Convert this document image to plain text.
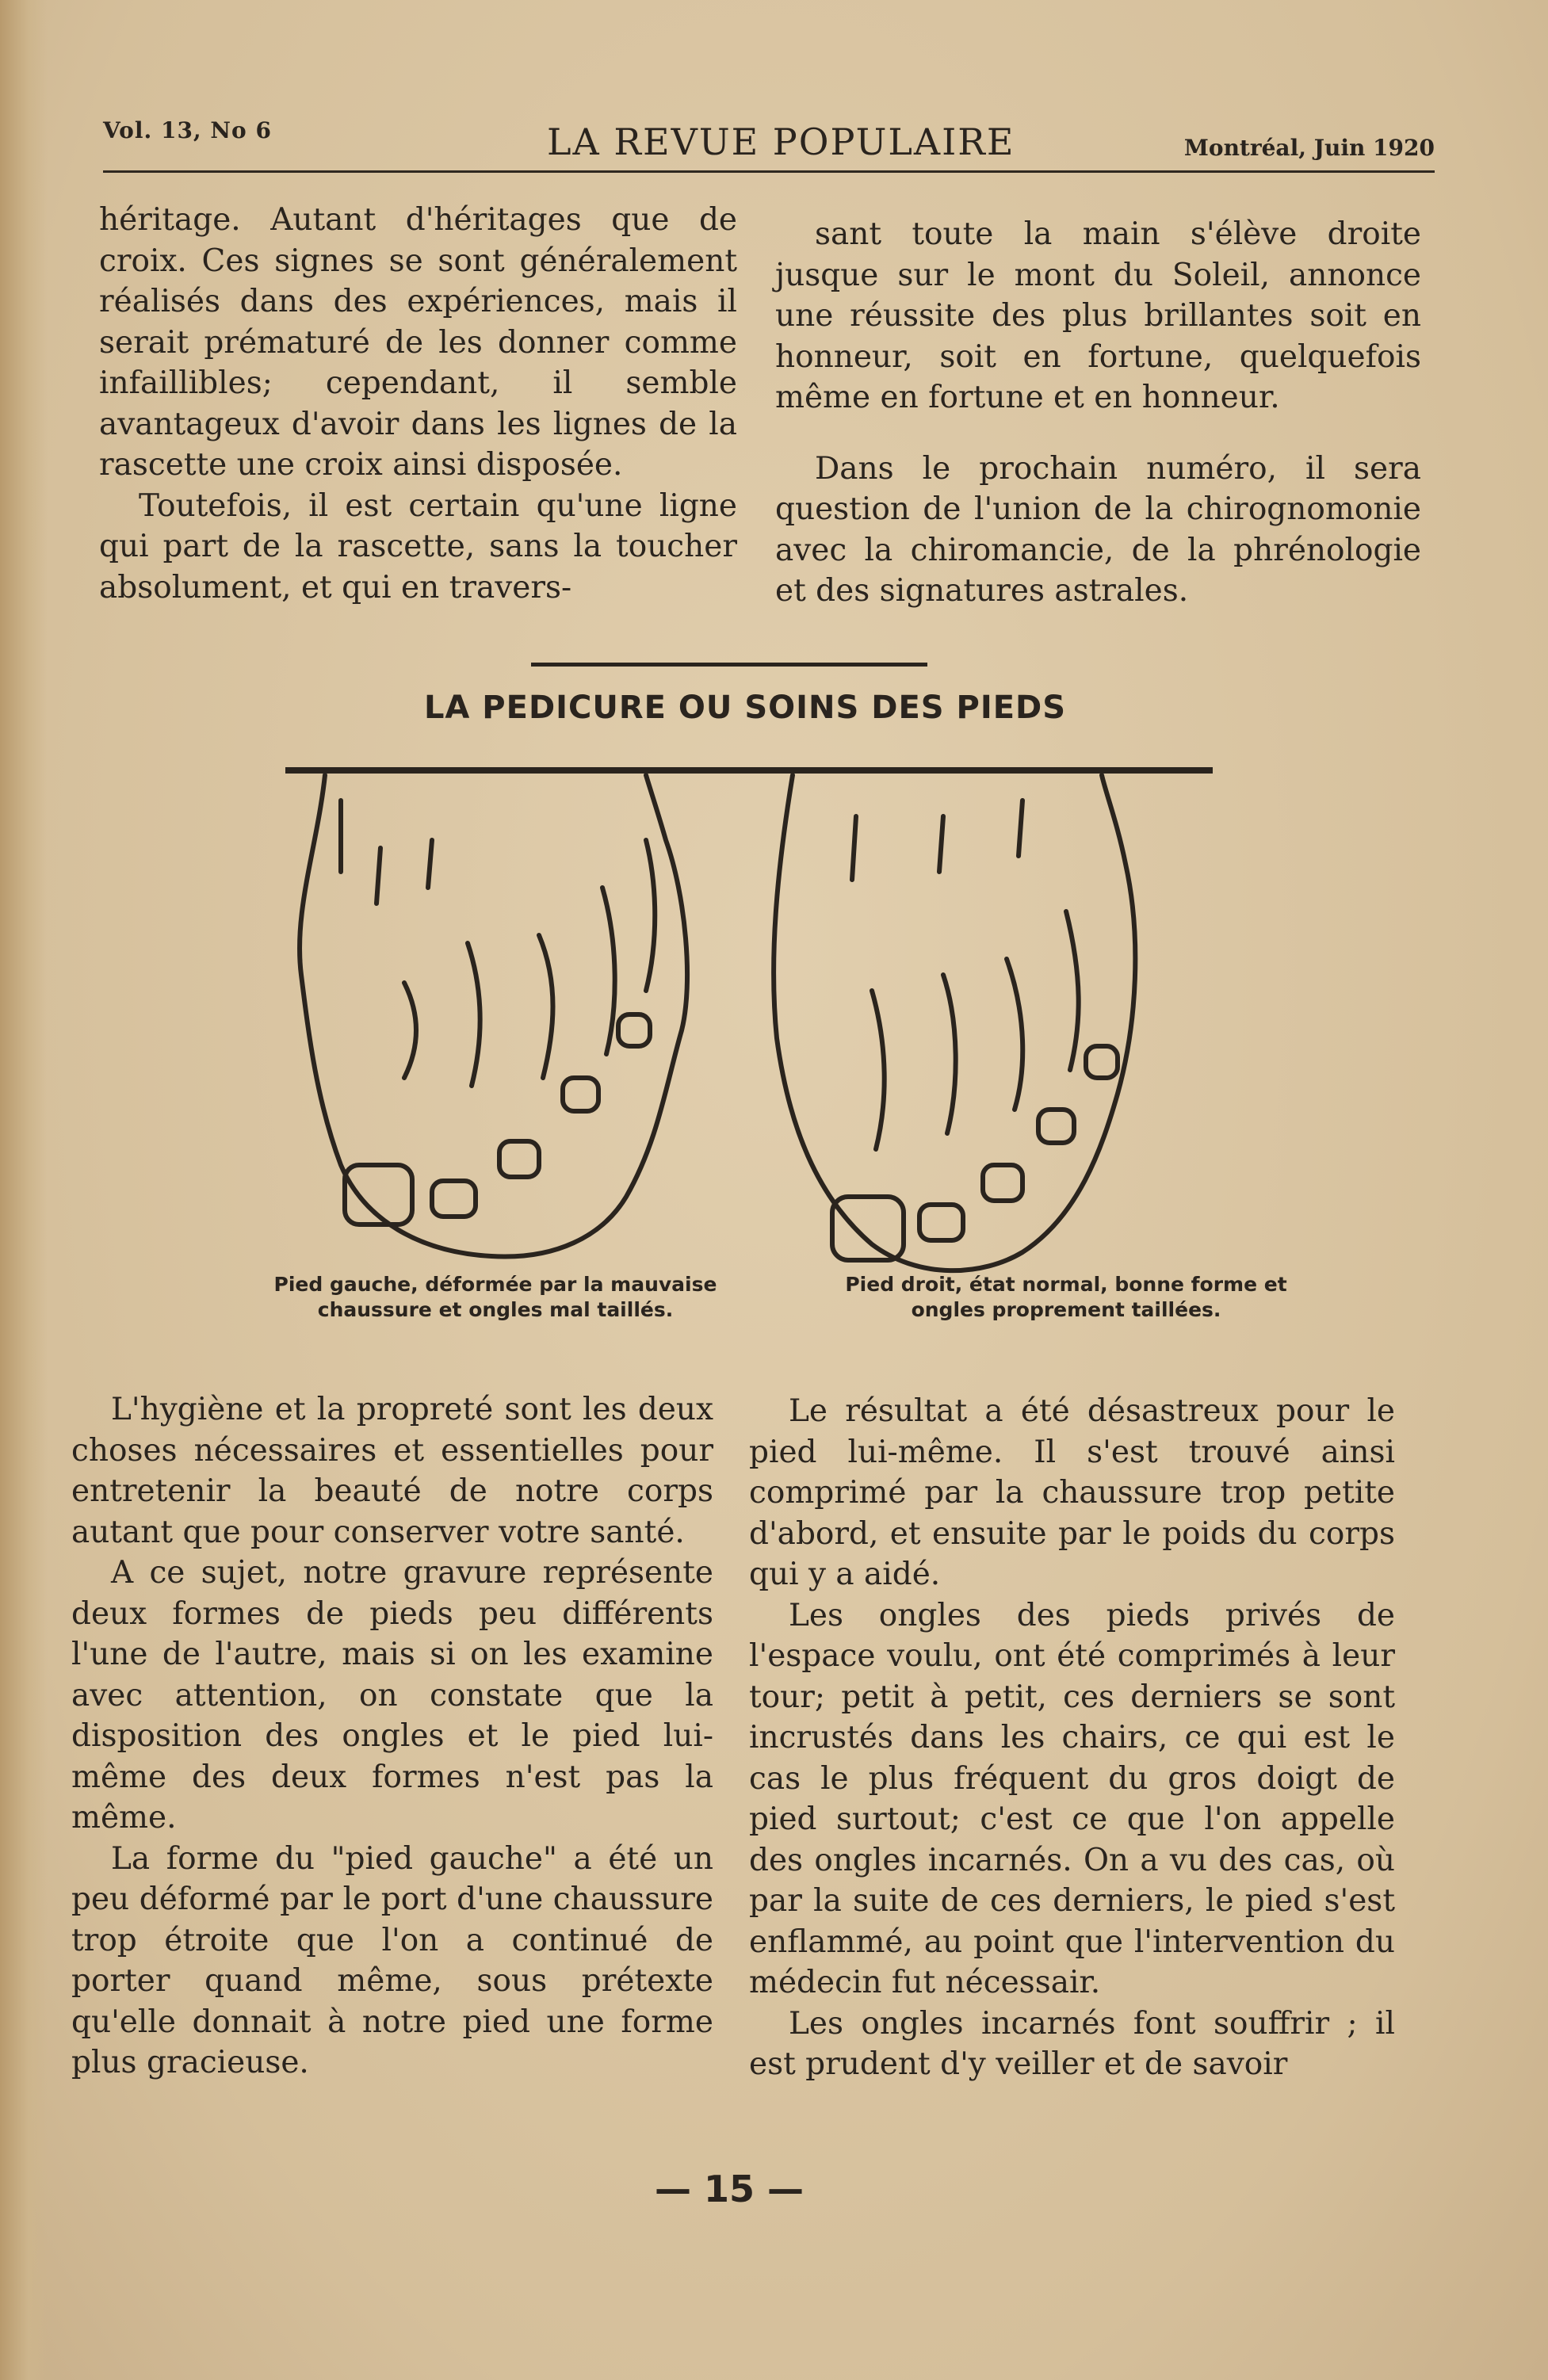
Vol. 13, No 6	LA REVUE POPULAIRE	Montréal, Juin 1920

héritage. Autant d'héritages que de croix. Ces signes se sont généralement réalisés dans des expériences, mais il serait prématuré de les donner comme infaillibles; cependant, il semble avantageux d'avoir dans les lignes de la rascette une croix ainsi disposée.

Toutefois, il est certain qu'une ligne qui part de la rascette, sans la toucher absolument, et qui en travers-

sant toute la main s'élève droite jusque sur le mont du Soleil, annonce une réussite des plus brillantes soit en honneur, soit en fortune, quelquefois même en fortune et en honneur.

Dans le prochain numéro, il sera question de l'union de la chirognomonie avec la chiromancie, de la phrénologie et des signatures astrales.

LA PEDICURE OU SOINS DES PIEDS
Pied gauche, déformée par la mauvaise chaussure et ongles mal taillés.
Pied droit, état normal, bonne forme et ongles proprement taillées.

L'hygiène et la propreté sont les deux choses nécessaires et essentielles pour entretenir la beauté de notre corps autant que pour conserver votre santé.

A ce sujet, notre gravure représente deux formes de pieds peu différents l'une de l'autre, mais si on les examine avec attention, on constate que la disposition des ongles et le pied lui-même des deux formes n'est pas la même.

La forme du "pied gauche" a été un peu déformé par le port d'une chaussure trop étroite que l'on a continué de porter quand même, sous prétexte qu'elle donnait à notre pied une forme plus gracieuse.

Le résultat a été désastreux pour le pied lui-même. Il s'est trouvé ainsi comprimé par la chaussure trop petite d'abord, et ensuite par le poids du corps qui y a aidé.

Les ongles des pieds privés de l'espace voulu, ont été comprimés à leur tour; petit à petit, ces derniers se sont incrustés dans les chairs, ce qui est le cas le plus fréquent du gros doigt de pied surtout; c'est ce que l'on appelle des ongles incarnés. On a vu des cas, où par la suite de ces derniers, le pied s'est enflammé, au point que l'intervention du médecin fut nécessair.

Les ongles incarnés font souffrir ; il est prudent d'y veiller et de savoir

— 15 —
